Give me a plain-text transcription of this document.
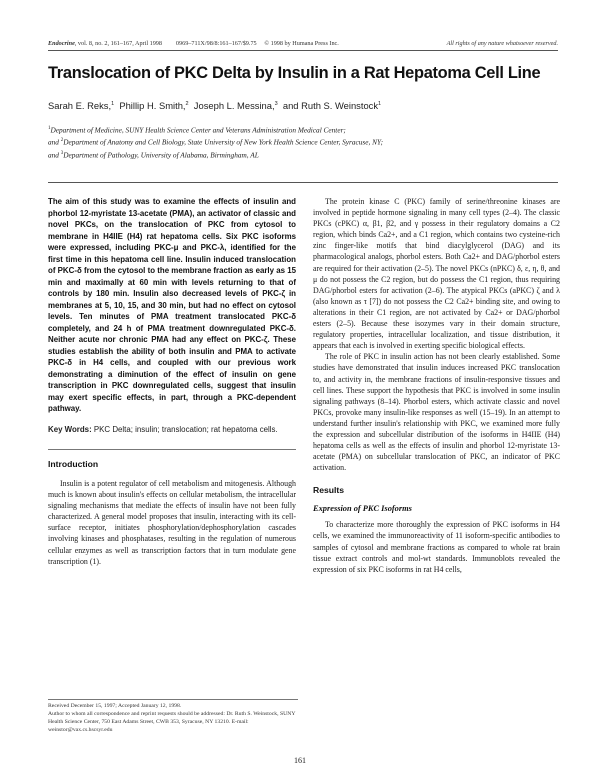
Endocrine, vol. 8, no. 2, 161–167, April 1998    0969–711X/98/8:161–167/$9.75   © 1998 by Humana Press Inc.	All rights of any nature whatsoever reserved.
Translocation of PKC Delta by Insulin in a Rat Hepatoma Cell Line
Sarah E. Reks,$^1$ Phillip H. Smith,$^2$ Joseph L. Messina,$^3$ and Ruth S. Weinstock$^1$
$^1$Department of Medicine, SUNY Health Science Center and Veterans Administration Medical Center;
and $^2$Department of Anatomy and Cell Biology, State University of New York Health Science Center, Syracuse, NY;
and $^3$Department of Pathology, University of Alabama, Birmingham, AL

The aim of this study was to examine the effects of insulin and phorbol 12-myristate 13-acetate (PMA), an activator of classic and novel PKCs, on the translocation of PKC from cytosol to membrane in H4IIE (H4) rat hepatoma cells. Six PKC isoforms were expressed, including PKC-μ and PKC-λ, identified for the first time in this hepatoma cell line. Insulin induced translocation of PKC-δ from the cytosol to the membrane fraction as early as 15 min and maximally at 60 min with levels returning to that of controls by 180 min. Insulin also decreased levels of PKC-ζ in membranes at 5, 10, 15, and 30 min, but had no effect on cytosol levels. Ten minutes of PMA treatment translocated PKC-δ completely, and 24 h of PMA treatment downregulated PKC-δ. Neither acute nor chronic PMA had any effect on PKC-ζ. These studies establish the ability of both insulin and PMA to activate PKC-δ in H4 cells, and coupled with our previous work demonstrating a diminution of the effect of insulin on gene transcription in PKC downregulated cells, suggest that insulin may exert specific effects, in part, through a PKC-dependent pathway.

Key Words: PKC Delta; insulin; translocation; rat hepatoma cells.

Introduction

Insulin is a potent regulator of cell metabolism and mitogenesis. Although much is known about insulin's effects on cellular metabolism, the intracellular signaling mechanisms that mediate the effects of insulin have not been fully characterized. A general model proposes that insulin, interacting with its cell-surface receptor, initiates phosphorylation/dephosphorylation cascades involving kinases and phosphatases, resulting in the regulation of numerous cellular enzymes as well as transcription factors that in turn modulate gene transcription (1).

Received December 15, 1997; Accepted January 12, 1998.
Author to whom all correspondence and reprint requests should be addressed: Dr. Ruth S. Weinstock, SUNY Health Science Center, 750 East Adams Street, CWB 353, Syracuse, NY 13210. E-mail: weinstor@vax.cs.hscsyr.edu

The protein kinase C (PKC) family of serine/threonine kinases are involved in peptide hormone signaling in many cell types (2–4). The classic PKCs (cPKC) α, β1, β2, and γ possess in their regulatory domains a C2 region, which binds Ca2+, and a C1 region, which contains two cysteine-rich zinc finger-like motifs that bind diacylglycerol (DAG) and its pharmacological analogs, phorbol esters. Both Ca2+ and DAG/phorbol esters are required for their activation (2–5). The novel PKCs (nPKC) δ, ε, η, θ, and μ do not possess the C2 region, but do possess the C1 region, thus requiring DAG/phorbol esters for activation (2–6). The atypical PKCs (aPKC) ζ and λ (also known as τ [7]) do not possess the C2 Ca2+ binding site, and owing to alterations in their C1 region, are not activated by Ca2+ or DAG/phorbol esters (2–5). Because these isozymes vary in their domain structure, regulatory properties, intracellular localization, and tissue distribution, it appears that each is involved in exerting specific biological effects.

The role of PKC in insulin action has not been clearly established. Some studies have demonstrated that insulin induces increased PKC translocation to, and activity in, the membrane fractions of insulin-responsive tissues and cell lines. These support the hypothesis that PKC is involved in some insulin signaling pathways (8–14). Phorbol esters, which activate classic and novel PKCs, provoke many insulin-like responses as well (15–19). In an attempt to understand further insulin's relationship with PKC, we examined more fully the expression and subcellular distribution of the isoforms in H4IIE (H4) hepatoma cells as well as the effects of insulin and phorbol 12-myristate 13-acetate (PMA) on subcellular translocation of PKC, an indicator of PKC activation.

Results
Expression of PKC Isoforms

To characterize more thoroughly the expression of PKC isoforms in H4 cells, we examined the immunoreactivity of 11 isoform-specific antibodies to samples of cytosol and membrane fractions as compared to whole rat brain tissue extract controls and mol-wt standards. Immunoblots revealed the expression of six PKC isoforms in rat H4 cells,

161
